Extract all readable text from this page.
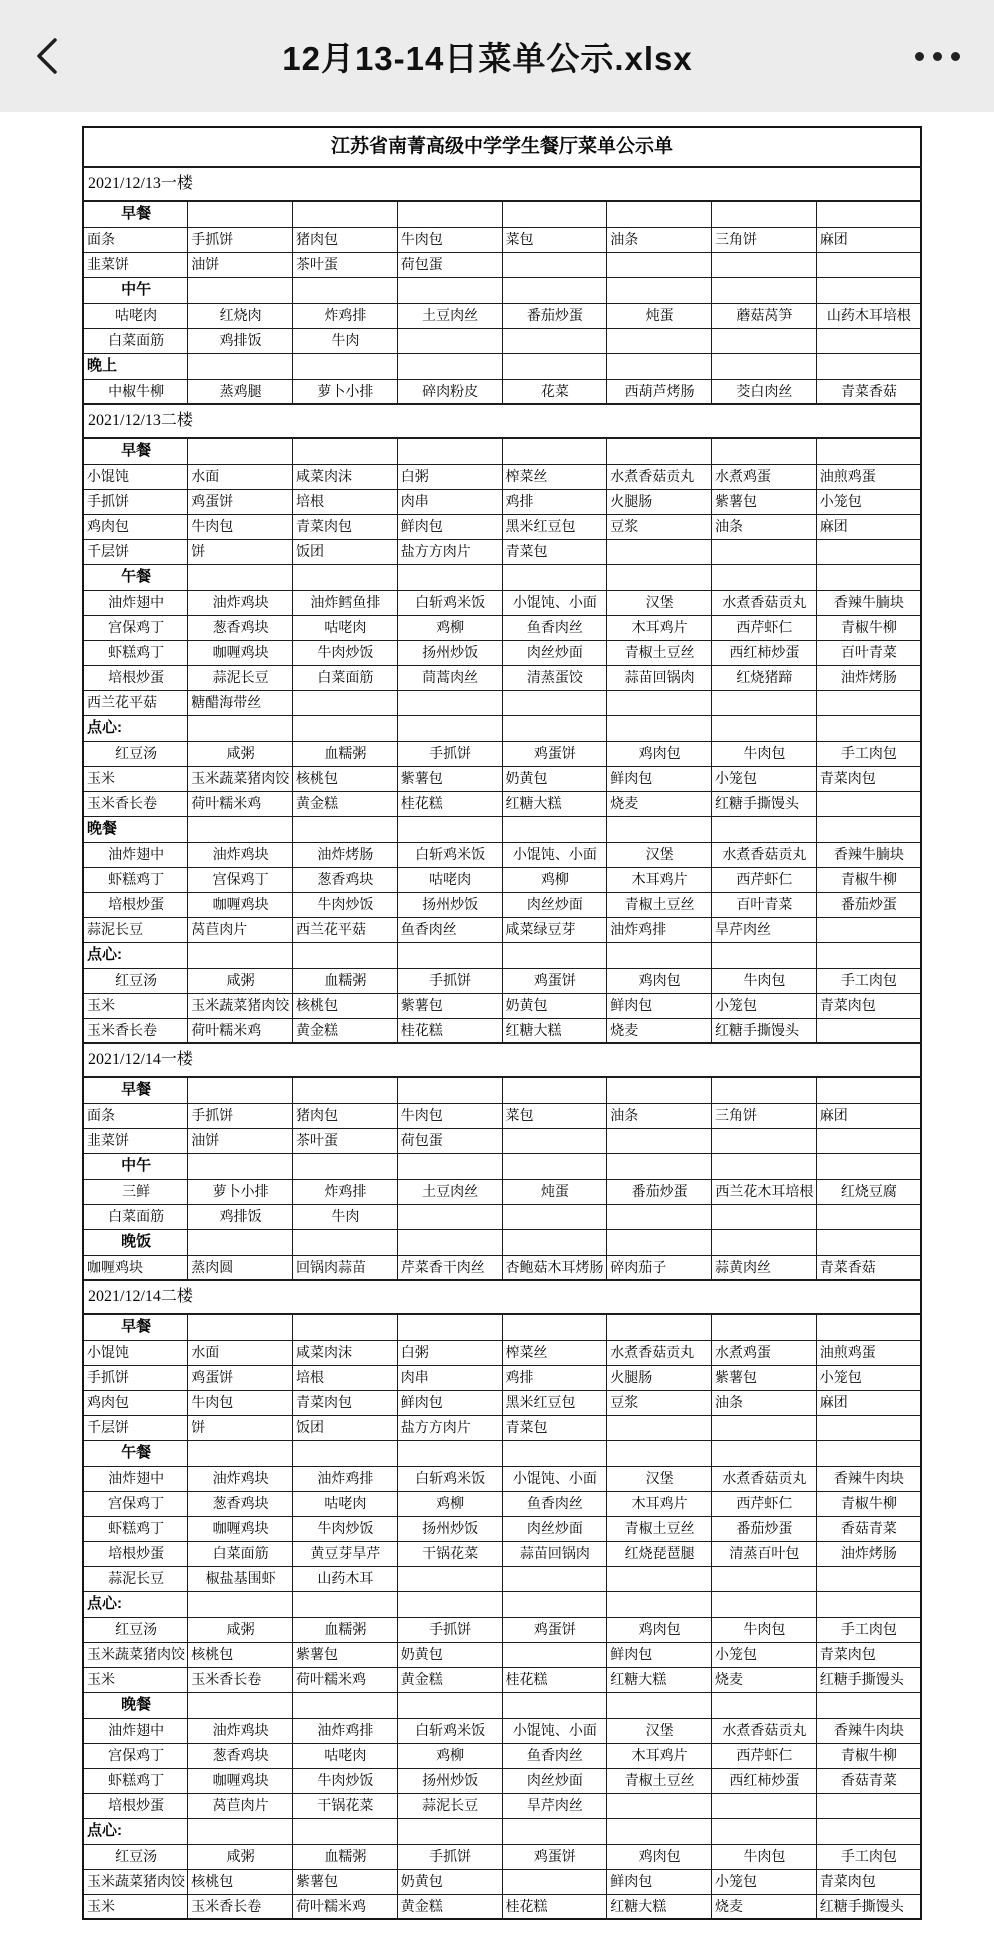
12月13-14日菜单公示.xlsx
江苏省南菁高级中学学生餐厅菜单公示单							
2021/12/13一楼							
早餐							
面条	手抓饼	猪肉包	牛肉包	菜包	油条	三角饼	麻团
韭菜饼	油饼	茶叶蛋	荷包蛋				
中午							
咕咾肉	红烧肉	炸鸡排	土豆肉丝	番茄炒蛋	炖蛋	蘑菇莴笋	山药木耳培根
白菜面筋	鸡排饭	牛肉					
晚上							
中椒牛柳	蒸鸡腿	萝卜小排	碎肉粉皮	花菜	西葫芦烤肠	茭白肉丝	青菜香菇
2021/12/13二楼							
早餐							
小馄饨	水面	咸菜肉沫	白粥	榨菜丝	水煮香菇贡丸	水煮鸡蛋	油煎鸡蛋
手抓饼	鸡蛋饼	培根	肉串	鸡排	火腿肠	紫薯包	小笼包
鸡肉包	牛肉包	青菜肉包	鲜肉包	黑米红豆包	豆浆	油条	麻团
千层饼	饼	饭团	盐方方肉片	青菜包			
午餐							
油炸翅中	油炸鸡块	油炸鳕鱼排	白斩鸡米饭	小馄饨、小面	汉堡	水煮香菇贡丸	香辣牛腩块
宫保鸡丁	葱香鸡块	咕咾肉	鸡柳	鱼香肉丝	木耳鸡片	西芹虾仁	青椒牛柳
虾糕鸡丁	咖喱鸡块	牛肉炒饭	扬州炒饭	肉丝炒面	青椒土豆丝	西红柿炒蛋	百叶青菜
培根炒蛋	蒜泥长豆	白菜面筋	茼蒿肉丝	清蒸蛋饺	蒜苗回锅肉	红烧猪蹄	油炸烤肠
西兰花平菇	糖醋海带丝						
点心:							
红豆汤	咸粥	血糯粥	手抓饼	鸡蛋饼	鸡肉包	牛肉包	手工肉包
玉米	玉米蔬菜猪肉饺	核桃包	紫薯包	奶黄包	鲜肉包	小笼包	青菜肉包
玉米香长卷	荷叶糯米鸡	黄金糕	桂花糕	红糖大糕	烧麦	红糖手撕馒头	
晚餐							
油炸翅中	油炸鸡块	油炸烤肠	白斩鸡米饭	小馄饨、小面	汉堡	水煮香菇贡丸	香辣牛腩块
虾糕鸡丁	宫保鸡丁	葱香鸡块	咕咾肉	鸡柳	木耳鸡片	西芹虾仁	青椒牛柳
培根炒蛋	咖喱鸡块	牛肉炒饭	扬州炒饭	肉丝炒面	青椒土豆丝	百叶青菜	番茄炒蛋
蒜泥长豆	莴苣肉片	西兰花平菇	鱼香肉丝	咸菜绿豆芽	油炸鸡排	旱芹肉丝	
点心:							
红豆汤	咸粥	血糯粥	手抓饼	鸡蛋饼	鸡肉包	牛肉包	手工肉包
玉米	玉米蔬菜猪肉饺	核桃包	紫薯包	奶黄包	鲜肉包	小笼包	青菜肉包
玉米香长卷	荷叶糯米鸡	黄金糕	桂花糕	红糖大糕	烧麦	红糖手撕馒头	
2021/12/14一楼							
早餐							
面条	手抓饼	猪肉包	牛肉包	菜包	油条	三角饼	麻团
韭菜饼	油饼	茶叶蛋	荷包蛋				
中午							
三鲜	萝卜小排	炸鸡排	土豆肉丝	炖蛋	番茄炒蛋	西兰花木耳培根	红烧豆腐
白菜面筋	鸡排饭	牛肉					
晚饭							
咖喱鸡块	蒸肉圆	回锅肉蒜苗	芹菜香干肉丝	杏鲍菇木耳烤肠	碎肉茄子	蒜黄肉丝	青菜香菇
2021/12/14二楼							
早餐							
小馄饨	水面	咸菜肉沫	白粥	榨菜丝	水煮香菇贡丸	水煮鸡蛋	油煎鸡蛋
手抓饼	鸡蛋饼	培根	肉串	鸡排	火腿肠	紫薯包	小笼包
鸡肉包	牛肉包	青菜肉包	鲜肉包	黑米红豆包	豆浆	油条	麻团
千层饼	饼	饭团	盐方方肉片	青菜包			
午餐							
油炸翅中	油炸鸡块	油炸鸡排	白斩鸡米饭	小馄饨、小面	汉堡	水煮香菇贡丸	香辣牛肉块
宫保鸡丁	葱香鸡块	咕咾肉	鸡柳	鱼香肉丝	木耳鸡片	西芹虾仁	青椒牛柳
虾糕鸡丁	咖喱鸡块	牛肉炒饭	扬州炒饭	肉丝炒面	青椒土豆丝	番茄炒蛋	香菇青菜
培根炒蛋	白菜面筋	黄豆芽旱芹	干锅花菜	蒜苗回锅肉	红烧琵琶腿	清蒸百叶包	油炸烤肠
蒜泥长豆	椒盐基围虾	山药木耳					
点心:							
红豆汤	咸粥	血糯粥	手抓饼	鸡蛋饼	鸡肉包	牛肉包	手工肉包
玉米蔬菜猪肉饺	核桃包	紫薯包	奶黄包		鲜肉包	小笼包	青菜肉包
玉米	玉米香长卷	荷叶糯米鸡	黄金糕	桂花糕	红糖大糕	烧麦	红糖手撕馒头
晚餐							
油炸翅中	油炸鸡块	油炸鸡排	白斩鸡米饭	小馄饨、小面	汉堡	水煮香菇贡丸	香辣牛肉块
宫保鸡丁	葱香鸡块	咕咾肉	鸡柳	鱼香肉丝	木耳鸡片	西芹虾仁	青椒牛柳
虾糕鸡丁	咖喱鸡块	牛肉炒饭	扬州炒饭	肉丝炒面	青椒土豆丝	西红柿炒蛋	香菇青菜
培根炒蛋	莴苣肉片	干锅花菜	蒜泥长豆	旱芹肉丝			
点心:							
红豆汤	咸粥	血糯粥	手抓饼	鸡蛋饼	鸡肉包	牛肉包	手工肉包
玉米蔬菜猪肉饺	核桃包	紫薯包	奶黄包		鲜肉包	小笼包	青菜肉包
玉米	玉米香长卷	荷叶糯米鸡	黄金糕	桂花糕	红糖大糕	烧麦	红糖手撕馒头
